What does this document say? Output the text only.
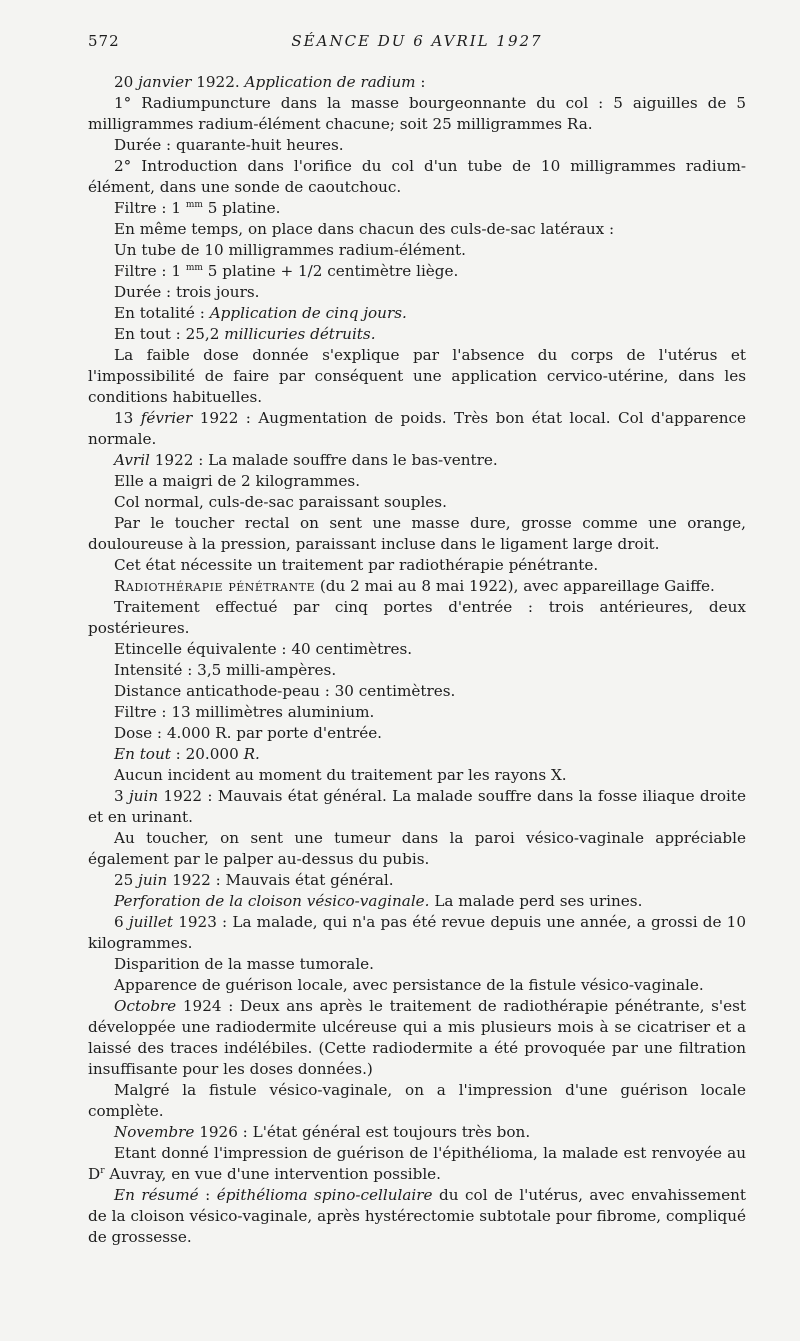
572	SÉANCE DU 6 AVRIL 1927

20 janvier 1922. Application de radium :

1° Radiumpuncture dans la masse bourgeonnante du col : 5 aiguilles de 5 milligrammes radium-élément chacune; soit 25 milligrammes Ra.

Durée : quarante-huit heures.

2° Introduction dans l'orifice du col d'un tube de 10 milligrammes radium-élément, dans une sonde de caoutchouc.

Filtre : 1 $^{mm}$ 5 platine.

En même temps, on place dans chacun des culs-de-sac latéraux :

Un tube de 10 milligrammes radium-élément.

Filtre : 1 $^{mm}$ 5 platine + 1/2 centimètre liège.

Durée : trois jours.

En totalité : Application de cinq jours.

En tout : 25,2 millicuries détruits.

La faible dose donnée s'explique par l'absence du corps de l'utérus et l'impossibilité de faire par conséquent une application cervico-utérine, dans les conditions habituelles.

13 février 1922 : Augmentation de poids. Très bon état local. Col d'apparence normale.

Avril 1922 : La malade souffre dans le bas-ventre.

Elle a maigri de 2 kilogrammes.

Col normal, culs-de-sac paraissant souples.

Par le toucher rectal on sent une masse dure, grosse comme une orange, douloureuse à la pression, paraissant incluse dans le ligament large droit.

Cet état nécessite un traitement par radiothérapie pénétrante.

Radiothérapie pénétrante (du 2 mai au 8 mai 1922), avec appareillage Gaiffe.

Traitement effectué par cinq portes d'entrée : trois antérieures, deux postérieures.

Etincelle équivalente : 40 centimètres.

Intensité : 3,5 milli-ampères.

Distance anticathode-peau : 30 centimètres.

Filtre : 13 millimètres aluminium.

Dose : 4.000 R. par porte d'entrée.

En tout : 20.000 R.

Aucun incident au moment du traitement par les rayons X.

3 juin 1922 : Mauvais état général. La malade souffre dans la fosse iliaque droite et en urinant.

Au toucher, on sent une tumeur dans la paroi vésico-vaginale appréciable également par le palper au-dessus du pubis.

25 juin 1922 : Mauvais état général.

Perforation de la cloison vésico-vaginale. La malade perd ses urines.

6 juillet 1923 : La malade, qui n'a pas été revue depuis une année, a grossi de 10 kilogrammes.

Disparition de la masse tumorale.

Apparence de guérison locale, avec persistance de la fistule vésico-vaginale.

Octobre 1924 : Deux ans après le traitement de radiothérapie pénétrante, s'est développée une radiodermite ulcéreuse qui a mis plusieurs mois à se cicatriser et a laissé des traces indélébiles. (Cette radiodermite a été provoquée par une filtration insuffisante pour les doses données.)

Malgré la fistule vésico-vaginale, on a l'impression d'une guérison locale complète.

Novembre 1926 : L'état général est toujours très bon.

Etant donné l'impression de guérison de l'épithélioma, la malade est renvoyée au $D^r$ Auvray, en vue d'une intervention possible.

En résumé : épithélioma spino-cellulaire du col de l'utérus, avec envahissement de la cloison vésico-vaginale, après hystérectomie subtotale pour fibrome, compliqué de grossesse.
